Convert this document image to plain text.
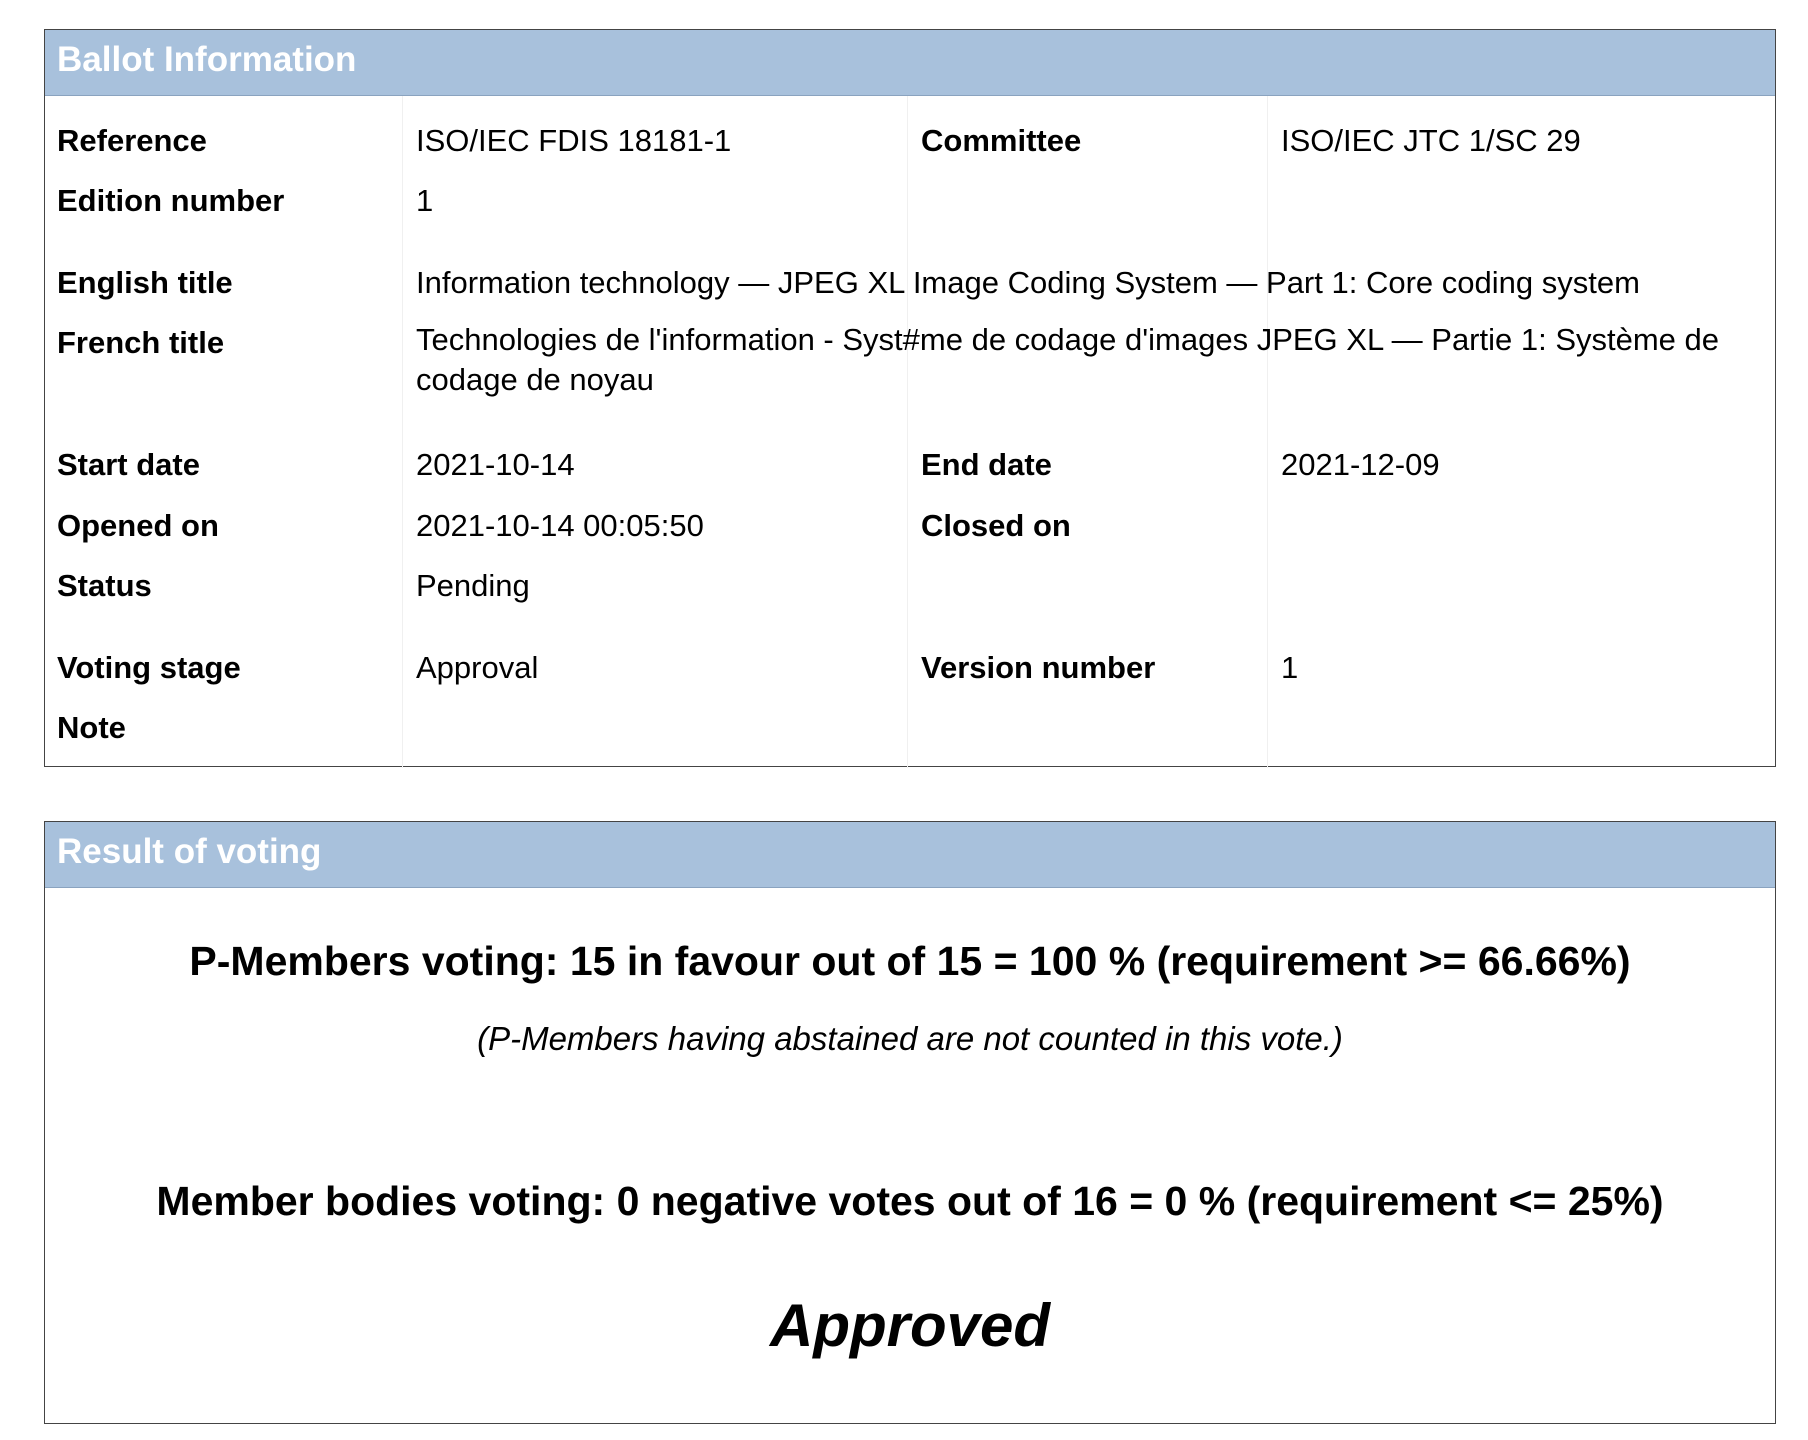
Ballot Information
Reference	ISO/IEC FDIS 18181-1	Committee	ISO/IEC JTC 1/SC 29
Edition number	1
English title	Information technology — JPEG XL Image Coding System — Part 1: Core coding system
French title	Technologies de l'information - Syst#me de codage d'images JPEG XL — Partie 1: Système de codage de noyau
Start date	2021-10-14	End date	2021-12-09
Opened on	2021-10-14 00:05:50	Closed on
Status	Pending
Voting stage	Approval	Version number	1
Note
Result of voting
P-Members voting: 15 in favour out of 15 = 100 % (requirement >= 66.66%)
(P-Members having abstained are not counted in this vote.)
Member bodies voting: 0 negative votes out of 16 = 0 % (requirement <= 25%)
Approved
